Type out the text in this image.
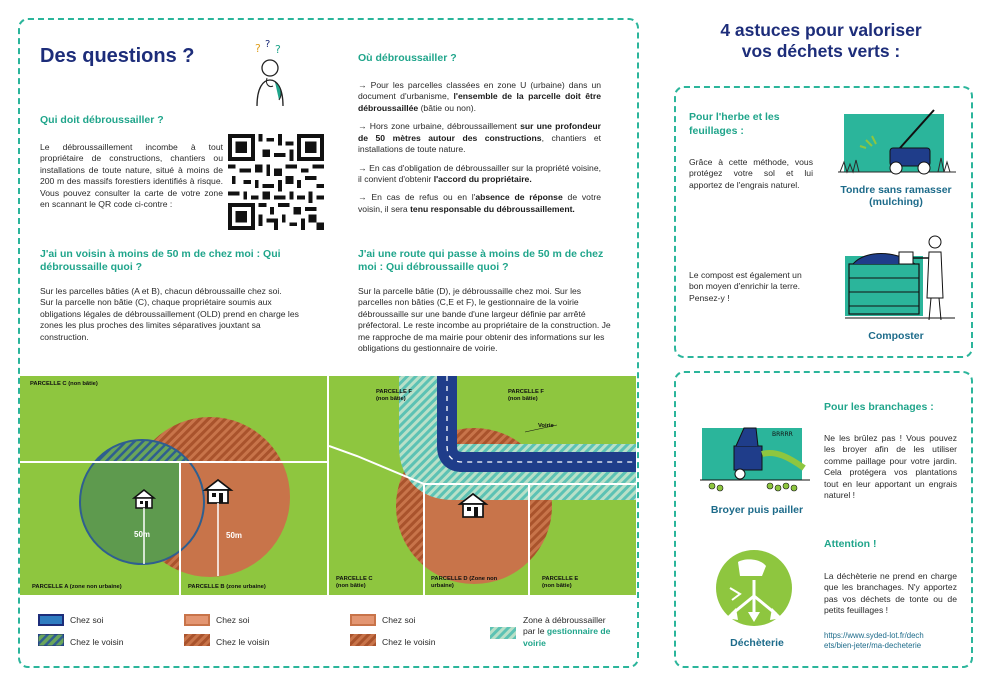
Des questions ?	? ? ?
Qui doit débroussailler ?
Le débroussaillement incombe à tout propriétaire de constructions, chantiers ou installations de toute nature, situé à moins de 200 m des massifs forestiers identifiés à risque. Vous pouvez consulter la carte de votre zone en scannant le QR code ci-contre :
Où débroussailler ?

→ Pour les parcelles classées en zone U (urbaine) dans un document d'urbanisme, l'ensemble de la parcelle doit être débroussaillée (bâtie ou non).

→ Hors zone urbaine, débroussaillement sur une profondeur de 50 mètres autour des constructions, chantiers et installations de toute nature.

→ En cas d'obligation de débroussailler sur la propriété voisine, il convient d'obtenir l'accord du propriétaire.

→ En cas de refus ou en l'absence de réponse de votre voisin, il sera tenu responsable du débroussaillement.

J'ai un voisin à moins de 50 m de chez moi : Qui débroussaille quoi ?

Sur les parcelles bâties (A et B), chacun débroussaille chez soi.

Sur la parcelle non bâtie (C), chaque propriétaire soumis aux obligations légales de débroussaillement (OLD) prend en charge les zones les plus proches des limites séparatives jouxtant sa construction.

J'ai une route qui passe à moins de 50 m de chez moi : Qui débroussaille quoi ?
Sur la parcelle bâtie (D), je débroussaille chez moi. Sur les parcelles non bâties (C,E et F), le gestionnaire de la voirie débroussaille sur une bande d'une largeur définie par arrêté préfectoral. Le reste incombe au propriétaire de la construction. Je me rapproche de ma mairie pour obtenir des informations sur les obligations du gestionnaire de voirie.
50m	50m
PARCELLE C (non bâtie)
PARCELLE A (zone non urbaine)	PARCELLE B (zone urbaine)
PARCELLE F (non bâtie)
PARCELLE F (non bâtie)
Voirie
PARCELLE C (non bâtie)
PARCELLE D (Zone non urbaine)
PARCELLE E (non bâtie)
Chez soi
Chez le voisin
Chez soi
Chez le voisin
Chez soi
Chez le voisin
Zone à débroussailler
par le gestionnaire de voirie
4 astuces pour valoriser
vos déchets verts :
Pour l'herbe et les feuillages :
Grâce à cette méthode, vous protégez votre sol et lui apportez de l'engrais naturel.	Tondre sans ramasser (mulching)
Le compost est également un bon moyen d'enrichir la terre. Pensez-y !
Composter
BRRRR
Broyer puis pailler
Pour les branchages :
Ne les brûlez pas ! Vous pouvez les broyer afin de les utiliser comme paillage pour votre jardin. Cela protégera vos plantations tout en leur apportant un engrais naturel !
Attention !
La déchèterie ne prend en charge que les branchages. N'y apportez pas vos déchets de tonte ou de petits feuillages !
Déchèterie
https://www.syded-lot.fr/dech
ets/bien-jeter/ma-decheterie
